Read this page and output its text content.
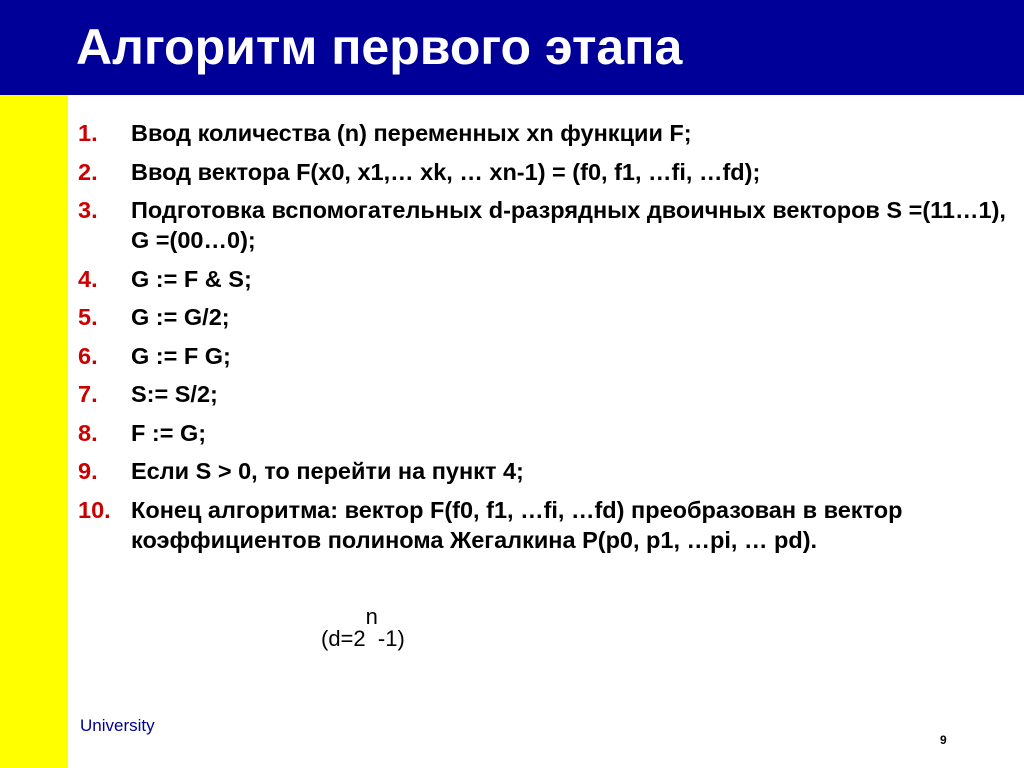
Алгоритм первого этапа
1. Ввод количества (n) переменных xn функции F;
2. Ввод вектора F(x0, x1,… xk, … xn-1) = (f0, f1, …fi, …fd);
3. Подготовка вспомогательных d-разрядных двоичных векторов S =(11…1), G =(00…0);
4. G := F & S;
5. G := G/2;
6. G := F G;
7. S:= S/2;
8. F := G;
9. Если S > 0, то перейти на пункт 4;
10. Конец алгоритма: вектор F(f0, f1, …fi, …fd) преобразован в вектор коэффициентов полинома Жегалкина P(p0, p1, …pi, … pd).
(d=2n-1)
University
9
